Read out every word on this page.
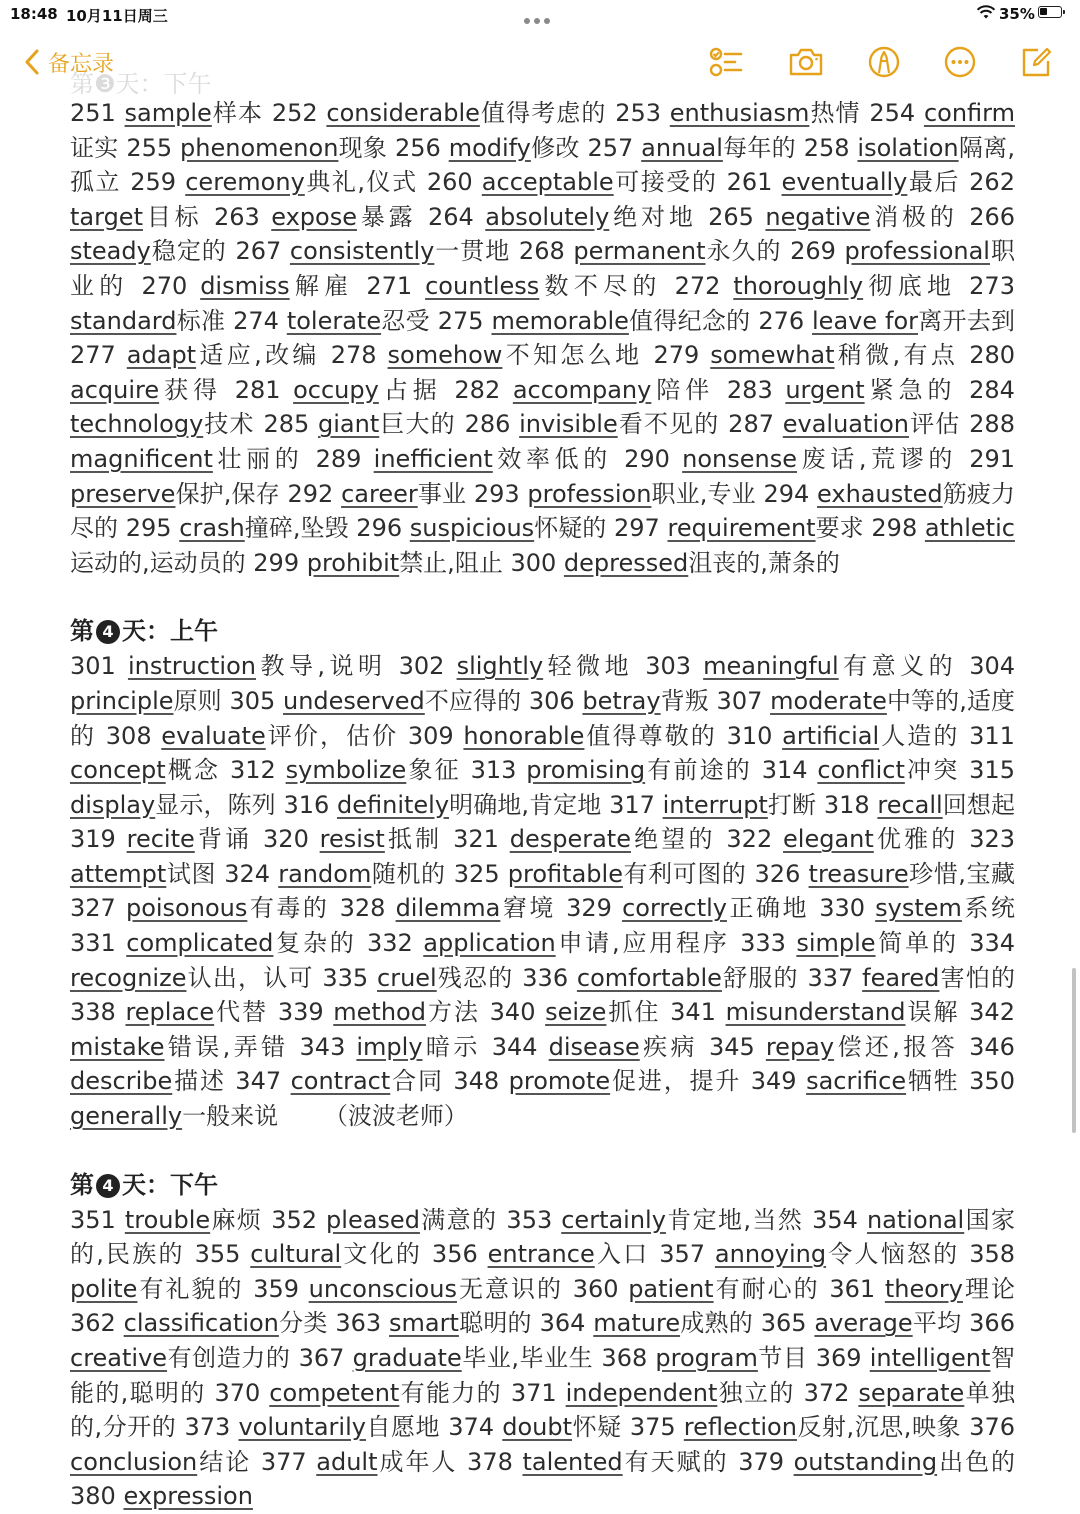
18:48 10月11日周三	35%
备忘录
第❸天：下午

251 sample样本 252 considerable值得考虑的 253 enthusiasm热情 254 confirm证实 255 phenomenon现象 256 modify修改 257 annual每年的 258 isolation隔离,孤立 259 ceremony典礼,仪式 260 acceptable可接受的 261 eventually最后 262 target目标 263 expose暴露 264 absolutely绝对地 265 negative消极的 266 steady稳定的 267 consistently一贯地 268 permanent永久的 269 professional职业的 270 dismiss解雇 271 countless数不尽的 272 thoroughly彻底地 273 standard标准 274 tolerate忍受 275 memorable值得纪念的 276 leave for离开去到 277 adapt适应,改编 278 somehow不知怎么地 279 somewhat稍微,有点 280 acquire获得 281 occupy占据 282 accompany陪伴 283 urgent紧急的 284 technology技术 285 giant巨大的 286 invisible看不见的 287 evaluation评估 288 magnificent壮丽的 289 inefficient效率低的 290 nonsense废话,荒谬的 291 preserve保护,保存 292 career事业 293 profession职业,专业 294 exhausted筋疲力尽的 295 crash撞碎,坠毁 296 suspicious怀疑的 297 requirement要求 298 athletic运动的,运动员的 299 prohibit禁止,阻止 300 depressed沮丧的,萧条的

第 4 天：上午

301 instruction教导,说明 302 slightly轻微地 303 meaningful有意义的 304 principle原则 305 undeserved不应得的 306 betray背叛 307 moderate中等的,适度的 308 evaluate评价，估价 309 honorable值得尊敬的 310 artificial人造的 311 concept概念 312 symbolize象征 313 promising有前途的 314 conflict冲突 315 display显示，陈列 316 definitely明确地,肯定地 317 interrupt打断 318 recall回想起 319 recite背诵 320 resist抵制 321 desperate绝望的 322 elegant优雅的 323 attempt试图 324 random随机的 325 profitable有利可图的 326 treasure珍惜,宝藏 327 poisonous有毒的 328 dilemma窘境 329 correctly正确地 330 system系统 331 complicated复杂的 332 application申请,应用程序 333 simple简单的 334 recognize认出，认可 335 cruel残忍的 336 comfortable舒服的 337 feared害怕的 338 replace代替 339 method方法 340 seize抓住 341 misunderstand误解 342 mistake错误,弄错 343 imply暗示 344 disease疾病 345 repay偿还,报答 346 describe描述 347 contract合同 348 promote促进，提升 349 sacrifice牺牲 350 generally一般来说 （波波老师）

第 4 天：下午

351 trouble麻烦 352 pleased满意的 353 certainly肯定地,当然 354 national国家的,民族的 355 cultural文化的 356 entrance入口 357 annoying令人恼怒的 358 polite有礼貌的 359 unconscious无意识的 360 patient有耐心的 361 theory理论 362 classification分类 363 smart聪明的 364 mature成熟的 365 average平均 366 creative有创造力的 367 graduate毕业,毕业生 368 program节目 369 intelligent智能的,聪明的 370 competent有能力的 371 independent独立的 372 separate单独的,分开的 373 voluntarily自愿地 374 doubt怀疑 375 reflection反射,沉思,映象 376 conclusion结论 377 adult成年人 378 talented有天赋的 379 outstanding出色的 380 expression
